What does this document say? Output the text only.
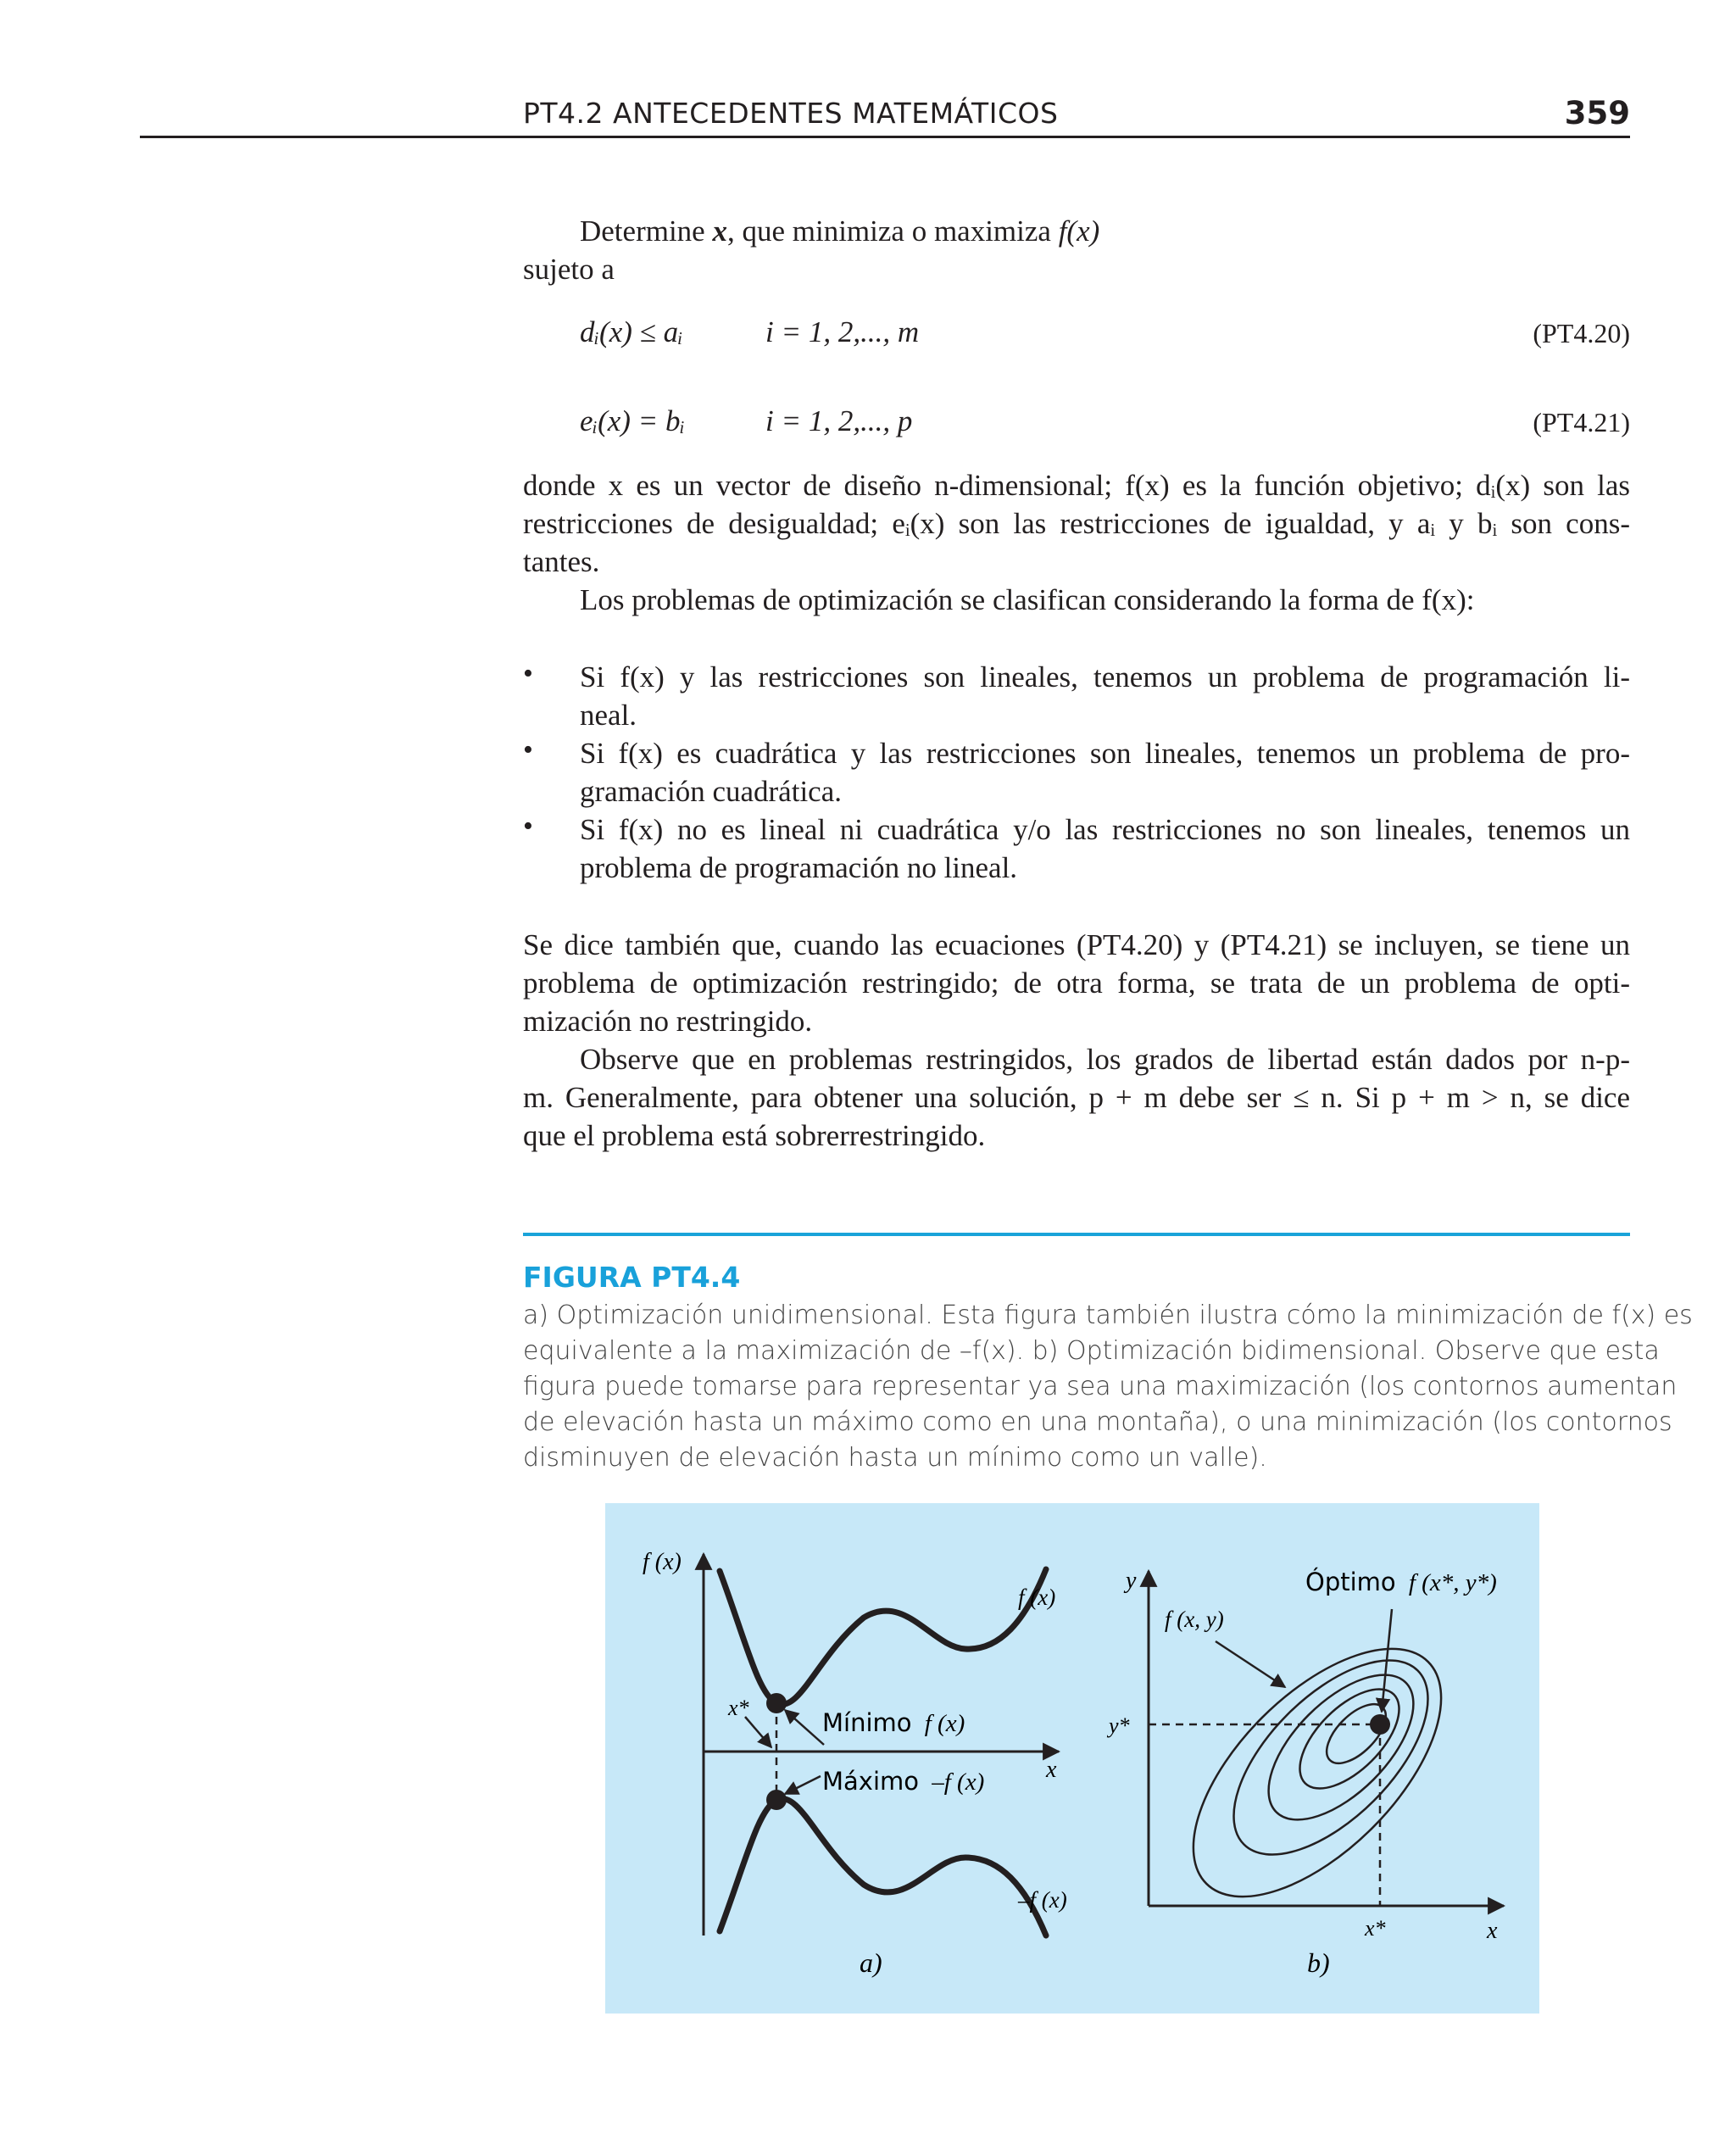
PT4.2 ANTECEDENTES MATEMÁTICOS	359
Determine x, que minimiza o maximiza f(x)
sujeto a
dᵢ(x) ≤ aᵢ	i = 1, 2,..., m	(PT4.20)
eᵢ(x) = bᵢ	i = 1, 2,..., p	(PT4.21)
donde x es un vector de diseño n-dimensional; f(x) es la función objetivo; dᵢ(x) son las
restricciones de desigualdad; eᵢ(x) son las restricciones de igualdad, y aᵢ y bᵢ son cons-
tantes.
Los problemas de optimización se clasifican considerando la forma de f(x):
• Si f(x) y las restricciones son lineales, tenemos un problema de programación li-
neal.
• Si f(x) es cuadrática y las restricciones son lineales, tenemos un problema de pro-
gramación cuadrática.
• Si f(x) no es lineal ni cuadrática y/o las restricciones no son lineales, tenemos un
problema de programación no lineal.
Se dice también que, cuando las ecuaciones (PT4.20) y (PT4.21) se incluyen, se tiene un
problema de optimización restringido; de otra forma, se trata de un problema de opti-
mización no restringido.
Observe que en problemas restringidos, los grados de libertad están dados por n-p-
m. Generalmente, para obtener una solución, p + m debe ser ≤ n. Si p + m > n, se dice
que el problema está sobrerrestringido.
FIGURA PT4.4
a) Optimización unidimensional. Esta figura también ilustra cómo la minimización de f(x) es
equivalente a la maximización de –f(x). b) Optimización bidimensional. Observe que esta
figura puede tomarse para representar ya sea una maximización (los contornos aumentan
de elevación hasta un máximo como en una montaña), o una minimización (los contornos
disminuyen de elevación hasta un mínimo como un valle).
f (x)
x
f (x)
–f (x)
x*
Mínimo f (x)
Máximo –f (x)
a)
y
x
y*
x*
f (x, y)
Óptimo f (x*, y*)
b)
